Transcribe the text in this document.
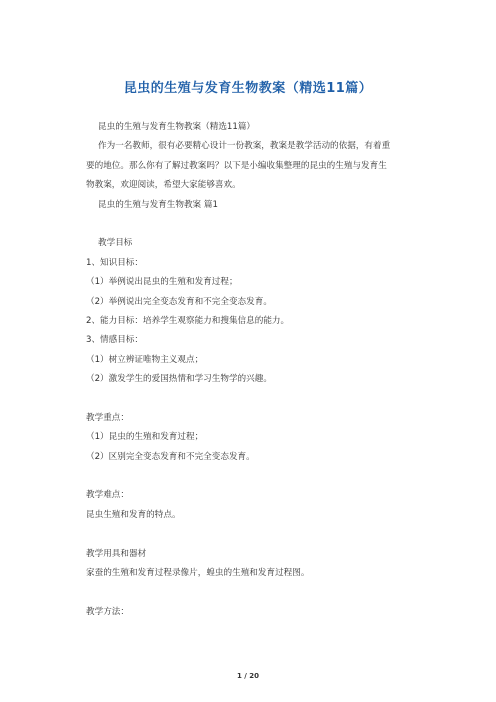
昆虫的生殖与发育生物教案（精选11篇）
昆虫的生殖与发育生物教案（精选11篇）
作为一名教师，很有必要精心设计一份教案，教案是教学活动的依据，有着重
要的地位。那么你有了解过教案吗？以下是小编收集整理的昆虫的生殖与发育生
物教案，欢迎阅读，希望大家能够喜欢。
昆虫的生殖与发育生物教案 篇1
教学目标
1、知识目标：
（1）举例说出昆虫的生殖和发育过程；
（2）举例说出完全变态发育和不完全变态发育。
2、能力目标：培养学生观察能力和搜集信息的能力。
3、情感目标：
（1）树立辨证唯物主义观点；
（2）激发学生的爱国热情和学习生物学的兴趣。
教学重点：
（1）昆虫的生殖和发育过程；
（2）区别完全变态发育和不完全变态发育。
教学难点：
昆虫生殖和发育的特点。
教学用具和器材
家蚕的生殖和发育过程录像片，蝗虫的生殖和发育过程图。
教学方法：
1 / 20
